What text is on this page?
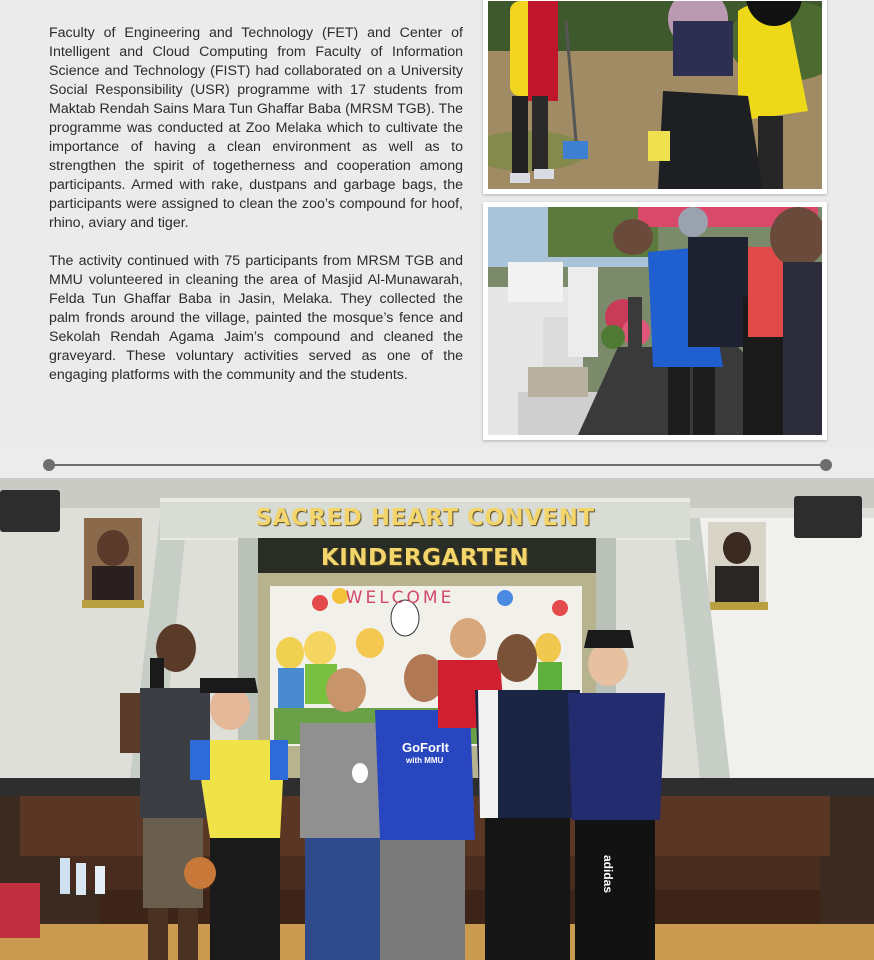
Faculty of Engineering and Technology (FET) and Center of Intelligent and Cloud Computing from Faculty of Information Science and Technology (FIST) had collaborated on a University Social Responsibility (USR) programme with 17 students from Maktab Rendah Sains Mara Tun Ghaffar Baba (MRSM TGB). The programme was conducted at Zoo Melaka which to cultivate the importance of having a clean environment as well as to strengthen the spirit of togetherness and cooperation among participants. Armed with rake, dustpans and garbage bags, the participants were assigned to clean the zoo’s compound for hoof, rhino, aviary and tiger.

The activity continued with 75 participants from MRSM TGB and MMU volunteered in cleaning the area of Masjid Al-Munawarah, Felda Tun Ghaffar Baba in Jasin, Melaka. They collected the palm fronds around the village, painted the mosque’s fence and Sekolah Rendah Agama Jaim’s compound and cleaned the graveyard. These voluntary activities served as one of the engaging platforms with the community and the students.

SACRED HEART CONVENT KINDERGARTEN
WELCOME
GoForIt
with MMU
adidas
